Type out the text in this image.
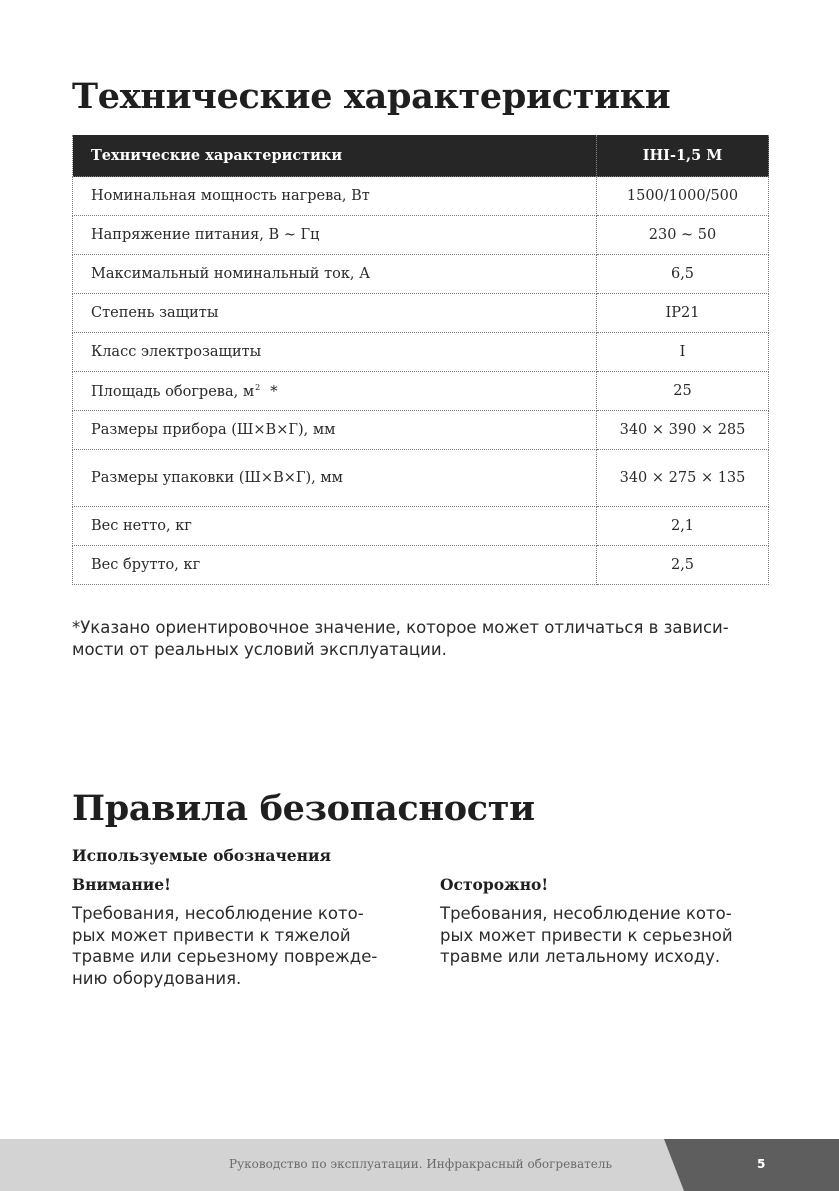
Технические характеристики
Технические характеристики	IHI-1,5 M
Номинальная мощность нагрева, Вт	1500/1000/500
Напряжение питания, В ~ Гц	230 ~ 50
Максимальный номинальный ток, А	6,5
Степень защиты	IP21
Класс электрозащиты	I
Площадь обогрева, $м^2$ *	25
Размеры прибора (Ш×В×Г), мм	340 × 390 × 285
Размеры упаковки (Ш×В×Г), мм	340 × 275 × 135
Вес нетто, кг	2,1
Вес брутто, кг	2,5
*Указано ориентировочное значение, которое может отличаться в зависи-
мости от реальных условий эксплуатации.
Правила безопасности
Используемые обозначения
Внимание!
Требования, несоблюдение кото-
рых может привести к тяжелой
травме или серьезному поврежде-
нию оборудования.
Осторожно!
Требования, несоблюдение кото-
рых может привести к серьезной
травме или летальному исходу.
Руководство по эксплуатации. Инфракрасный обогреватель	5
